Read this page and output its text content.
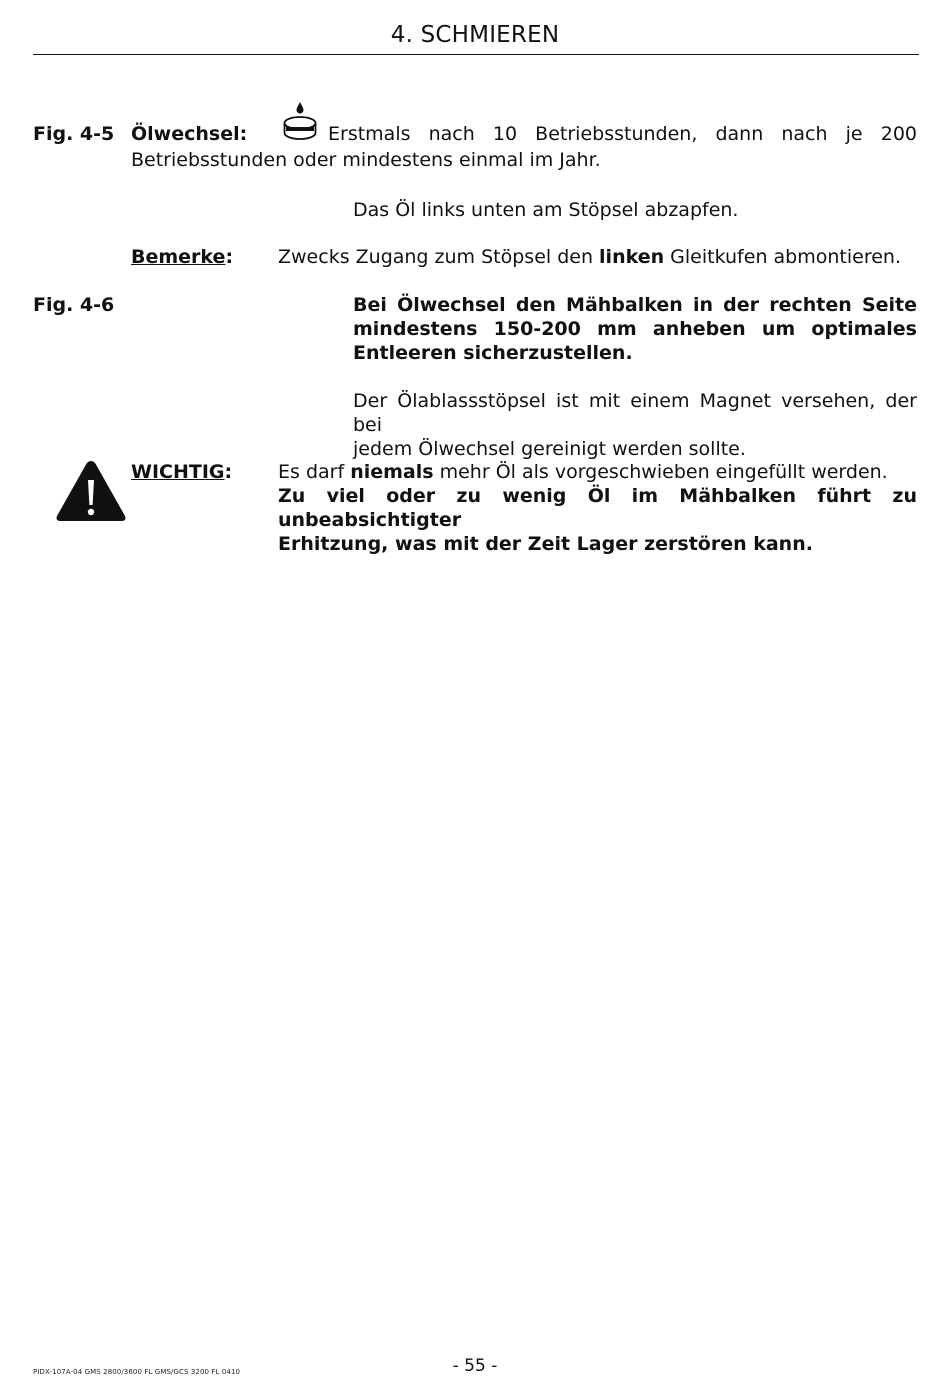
4. SCHMIEREN
Fig. 4-5 Ölwechsel:	Erstmals nach 10 Betriebsstunden, dann nach je 200
Betriebsstunden oder mindestens einmal im Jahr.
Das Öl links unten am Stöpsel abzapfen.
Bemerke: Zwecks Zugang zum Stöpsel den linken Gleitkufen abmontieren.
Fig. 4-6	Bei Ölwechsel den Mähbalken in der rechten Seite
mindestens 150-200 mm anheben um optimales
Entleeren sicherzustellen.
Der Ölablassstöpsel ist mit einem Magnet versehen, der bei
jedem Ölwechsel gereinigt werden sollte.
WICHTIG: Es darf niemals mehr Öl als vorgeschwieben eingefüllt werden.
Zu viel oder zu wenig Öl im Mähbalken führt zu unbeabsichtigter
Erhitzung, was mit der Zeit Lager zerstören kann.
- 55 -
PIDX-107A-04 GMS 2800/3600 FL GMS/GCS 3200 FL 0410
